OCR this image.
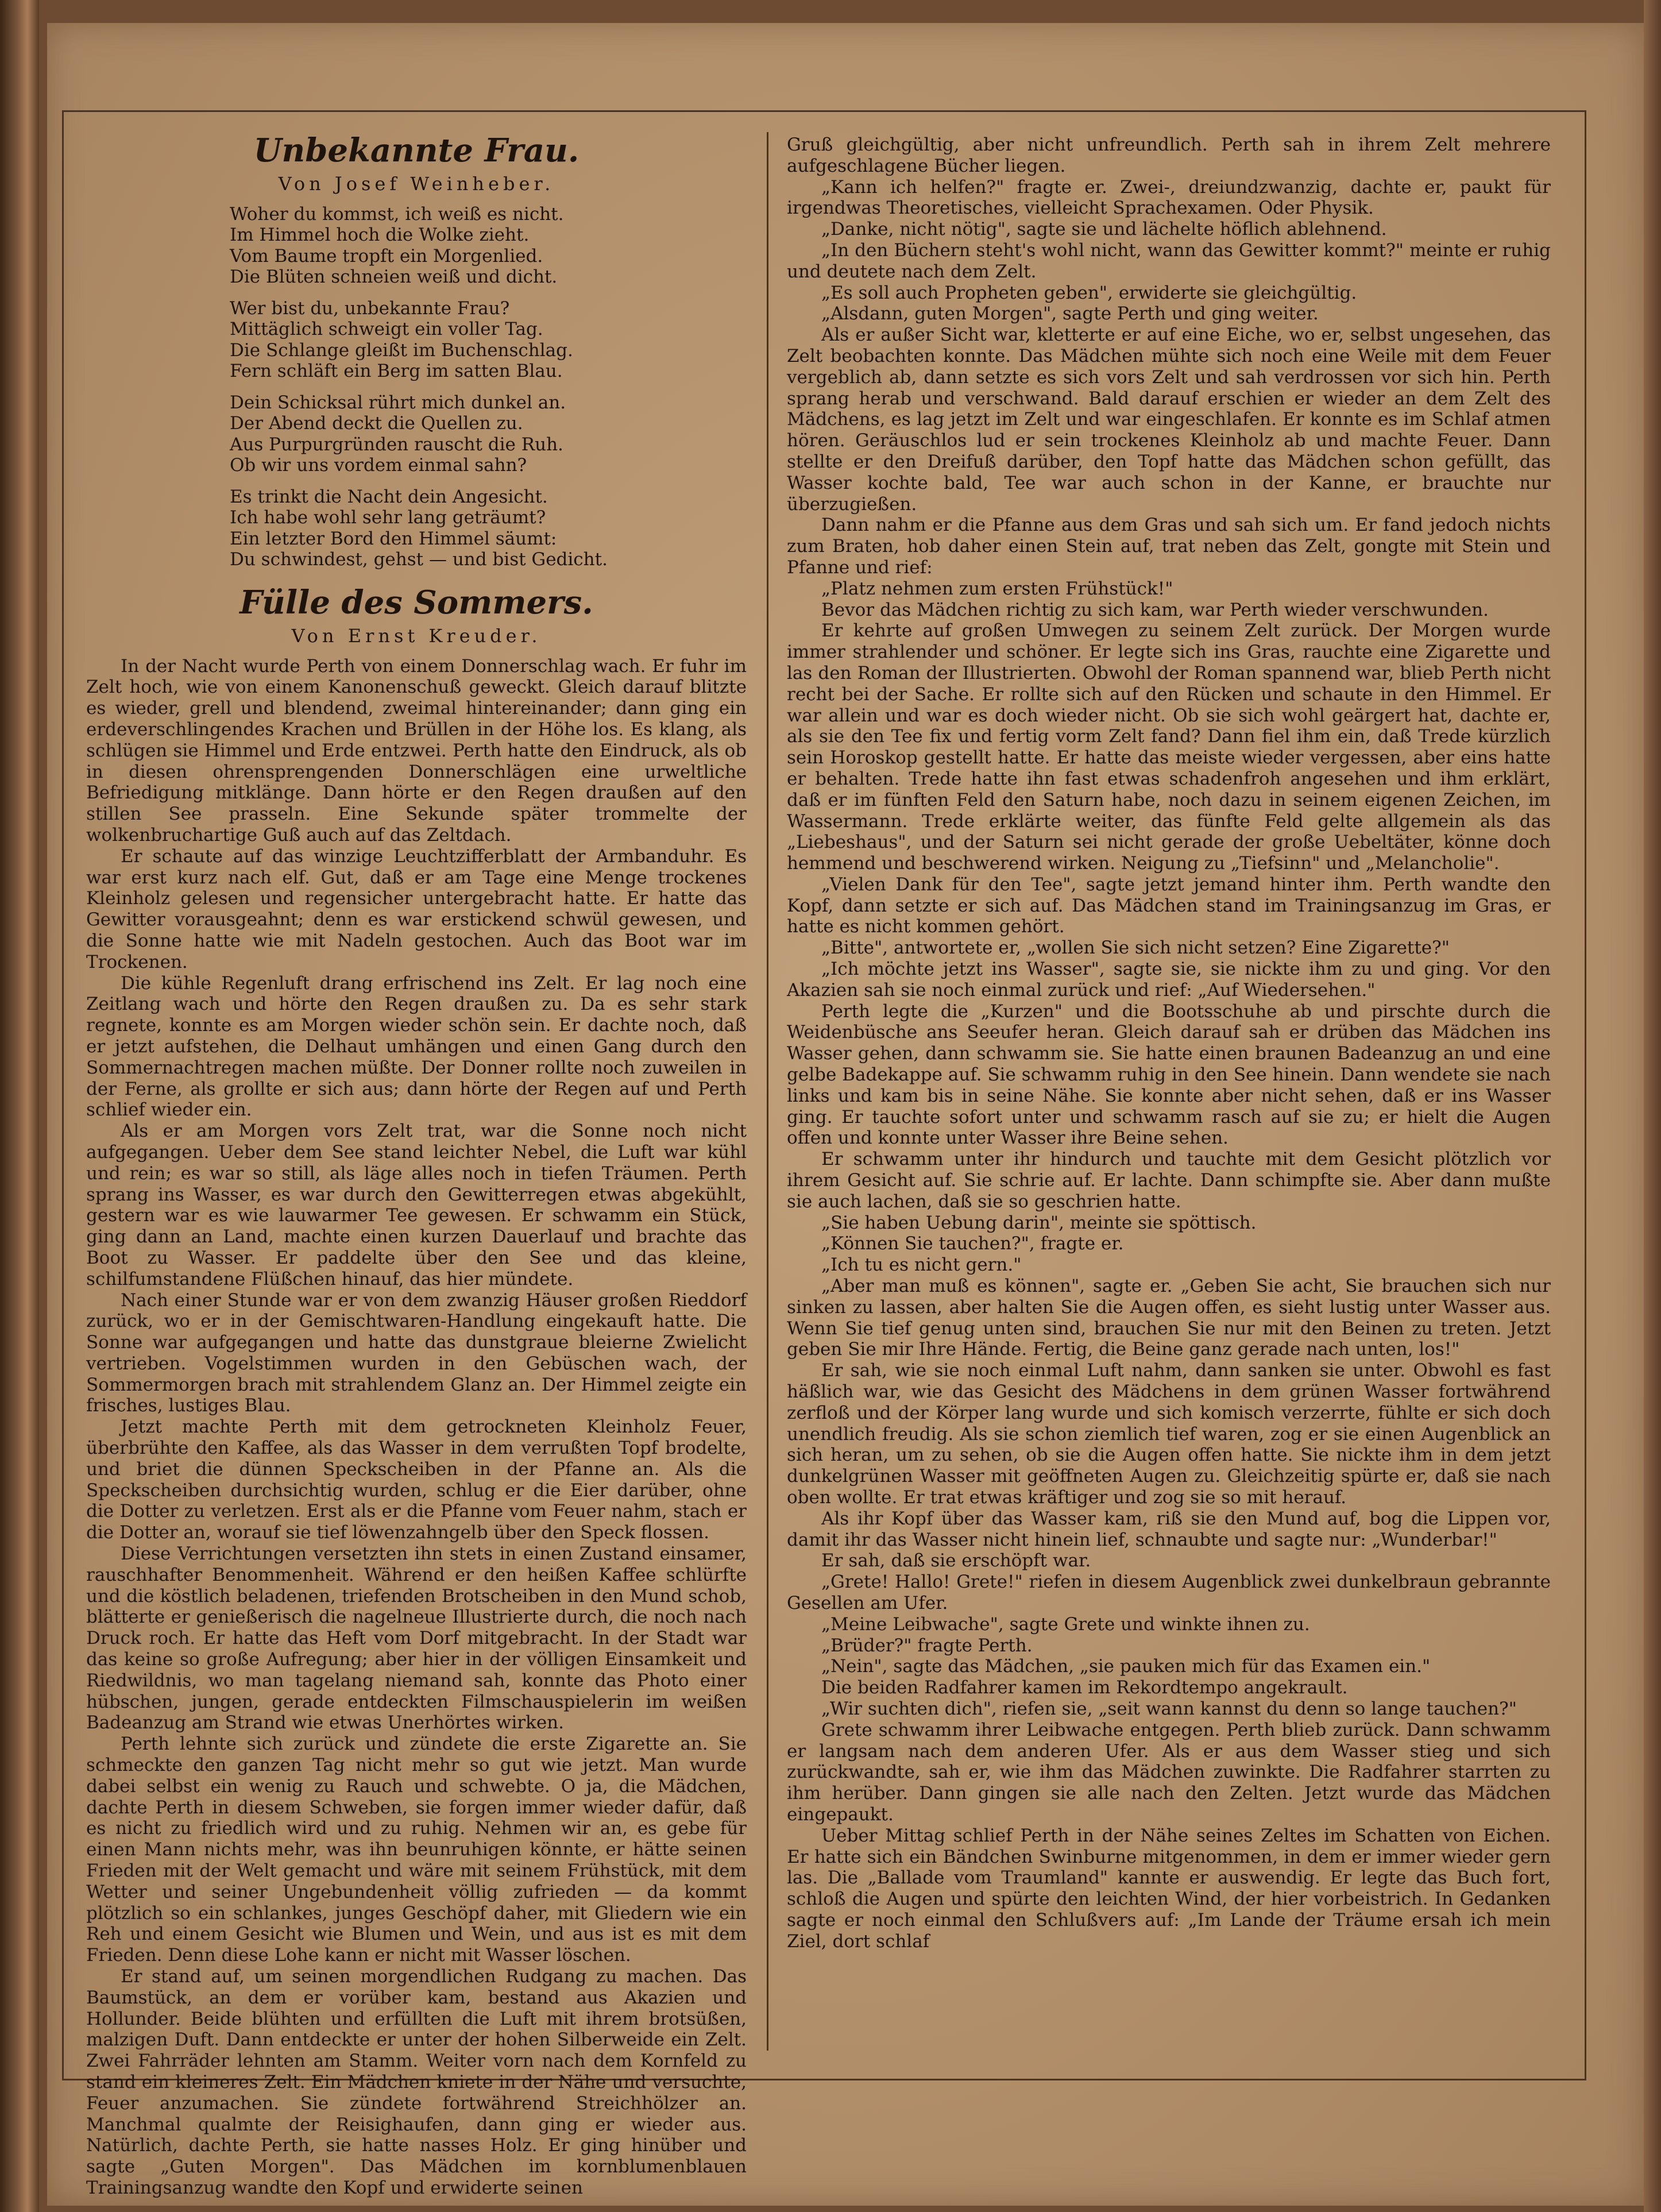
Unbekannte Frau.
Von Josef Weinheber.
Woher du kommst, ich weiß es nicht.
Im Himmel hoch die Wolke zieht.
Vom Baume tropft ein Morgenlied.
Die Blüten schneien weiß und dicht.
Wer bist du, unbekannte Frau?
Mittäglich schweigt ein voller Tag.
Die Schlange gleißt im Buchenschlag.
Fern schläft ein Berg im satten Blau.
Dein Schicksal rührt mich dunkel an.
Der Abend deckt die Quellen zu.
Aus Purpurgründen rauscht die Ruh.
Ob wir uns vordem einmal sahn?
Es trinkt die Nacht dein Angesicht.
Ich habe wohl sehr lang geträumt?
Ein letzter Bord den Himmel säumt:
Du schwindest, gehst — und bist Gedicht.
Fülle des Sommers.
Von Ernst Kreuder.

In der Nacht wurde Perth von einem Donnerschlag wach. Er fuhr im Zelt hoch, wie von einem Kanonenschuß geweckt. Gleich darauf blitzte es wieder, grell und blendend, zweimal hintereinander; dann ging ein erdeverschlingendes Krachen und Brüllen in der Höhe los. Es klang, als schlügen sie Himmel und Erde entzwei. Perth hatte den Eindruck, als ob in diesen ohrensprengenden Donnerschlägen eine urweltliche Befriedigung mitklänge. Dann hörte er den Regen draußen auf den stillen See prasseln. Eine Sekunde später trommelte der wolkenbruchartige Guß auch auf das Zeltdach.

Er schaute auf das winzige Leuchtzifferblatt der Armbanduhr. Es war erst kurz nach elf. Gut, daß er am Tage eine Menge trockenes Kleinholz gelesen und regensicher untergebracht hatte. Er hatte das Gewitter vorausgeahnt; denn es war erstickend schwül gewesen, und die Sonne hatte wie mit Nadeln gestochen. Auch das Boot war im Trockenen.

Die kühle Regenluft drang erfrischend ins Zelt. Er lag noch eine Zeitlang wach und hörte den Regen draußen zu. Da es sehr stark regnete, konnte es am Morgen wieder schön sein. Er dachte noch, daß er jetzt aufstehen, die Delhaut umhängen und einen Gang durch den Sommernachtregen machen müßte. Der Donner rollte noch zuweilen in der Ferne, als grollte er sich aus; dann hörte der Regen auf und Perth schlief wieder ein.

Als er am Morgen vors Zelt trat, war die Sonne noch nicht aufgegangen. Ueber dem See stand leichter Nebel, die Luft war kühl und rein; es war so still, als läge alles noch in tiefen Träumen. Perth sprang ins Wasser, es war durch den Gewitterregen etwas abgekühlt, gestern war es wie lauwarmer Tee gewesen. Er schwamm ein Stück, ging dann an Land, machte einen kurzen Dauerlauf und brachte das Boot zu Wasser. Er paddelte über den See und das kleine, schilfumstandene Flüßchen hinauf, das hier mündete.

Nach einer Stunde war er von dem zwanzig Häuser großen Rieddorf zurück, wo er in der Gemischtwaren-Handlung eingekauft hatte. Die Sonne war aufgegangen und hatte das dunstgraue bleierne Zwielicht vertrieben. Vogelstimmen wurden in den Gebüschen wach, der Sommermorgen brach mit strahlendem Glanz an. Der Himmel zeigte ein frisches, lustiges Blau.

Jetzt machte Perth mit dem getrockneten Kleinholz Feuer, überbrühte den Kaffee, als das Wasser in dem verrußten Topf brodelte, und briet die dünnen Speckscheiben in der Pfanne an. Als die Speckscheiben durchsichtig wurden, schlug er die Eier darüber, ohne die Dotter zu verletzen. Erst als er die Pfanne vom Feuer nahm, stach er die Dotter an, worauf sie tief löwenzahngelb über den Speck flossen.

Diese Verrichtungen versetzten ihn stets in einen Zustand einsamer, rauschhafter Benommenheit. Während er den heißen Kaffee schlürfte und die köstlich beladenen, triefenden Brotscheiben in den Mund schob, blätterte er genießerisch die nagelneue Illustrierte durch, die noch nach Druck roch. Er hatte das Heft vom Dorf mitgebracht. In der Stadt war das keine so große Aufregung; aber hier in der völligen Einsamkeit und Riedwildnis, wo man tagelang niemand sah, konnte das Photo einer hübschen, jungen, gerade entdeckten Filmschauspielerin im weißen Badeanzug am Strand wie etwas Unerhörtes wirken.

Perth lehnte sich zurück und zündete die erste Zigarette an. Sie schmeckte den ganzen Tag nicht mehr so gut wie jetzt. Man wurde dabei selbst ein wenig zu Rauch und schwebte. O ja, die Mädchen, dachte Perth in diesem Schweben, sie forgen immer wieder dafür, daß es nicht zu friedlich wird und zu ruhig. Nehmen wir an, es gebe für einen Mann nichts mehr, was ihn beunruhigen könnte, er hätte seinen Frieden mit der Welt gemacht und wäre mit seinem Frühstück, mit dem Wetter und seiner Ungebundenheit völlig zufrieden — da kommt plötzlich so ein schlankes, junges Geschöpf daher, mit Gliedern wie ein Reh und einem Gesicht wie Blumen und Wein, und aus ist es mit dem Frieden. Denn diese Lohe kann er nicht mit Wasser löschen.

Er stand auf, um seinen morgendlichen Rudgang zu machen. Das Baumstück, an dem er vorüber kam, bestand aus Akazien und Hollunder. Beide blühten und erfüllten die Luft mit ihrem brotsüßen, malzigen Duft. Dann entdeckte er unter der hohen Silberweide ein Zelt. Zwei Fahrräder lehnten am Stamm. Weiter vorn nach dem Kornfeld zu stand ein kleineres Zelt. Ein Mädchen kniete in der Nähe und versuchte, Feuer anzumachen. Sie zündete fortwährend Streichhölzer an. Manchmal qualmte der Reisighaufen, dann ging er wieder aus. Natürlich, dachte Perth, sie hatte nasses Holz. Er ging hinüber und sagte „Guten Morgen". Das Mädchen im kornblumenblauen Trainingsanzug wandte den Kopf und erwiderte seinen

Gruß gleichgültig, aber nicht unfreundlich. Perth sah in ihrem Zelt mehrere aufgeschlagene Bücher liegen.

„Kann ich helfen?" fragte er. Zwei-, dreiundzwanzig, dachte er, paukt für irgendwas Theoretisches, vielleicht Sprachexamen. Oder Physik.

„Danke, nicht nötig", sagte sie und lächelte höflich ablehnend.

„In den Büchern steht's wohl nicht, wann das Gewitter kommt?" meinte er ruhig und deutete nach dem Zelt.

„Es soll auch Propheten geben", erwiderte sie gleichgültig.

„Alsdann, guten Morgen", sagte Perth und ging weiter.

Als er außer Sicht war, kletterte er auf eine Eiche, wo er, selbst ungesehen, das Zelt beobachten konnte. Das Mädchen mühte sich noch eine Weile mit dem Feuer vergeblich ab, dann setzte es sich vors Zelt und sah verdrossen vor sich hin. Perth sprang herab und verschwand. Bald darauf erschien er wieder an dem Zelt des Mädchens, es lag jetzt im Zelt und war eingeschlafen. Er konnte es im Schlaf atmen hören. Geräuschlos lud er sein trockenes Kleinholz ab und machte Feuer. Dann stellte er den Dreifuß darüber, den Topf hatte das Mädchen schon gefüllt, das Wasser kochte bald, Tee war auch schon in der Kanne, er brauchte nur überzugießen.

Dann nahm er die Pfanne aus dem Gras und sah sich um. Er fand jedoch nichts zum Braten, hob daher einen Stein auf, trat neben das Zelt, gongte mit Stein und Pfanne und rief:

„Platz nehmen zum ersten Frühstück!"

Bevor das Mädchen richtig zu sich kam, war Perth wieder verschwunden.

Er kehrte auf großen Umwegen zu seinem Zelt zurück. Der Morgen wurde immer strahlender und schöner. Er legte sich ins Gras, rauchte eine Zigarette und las den Roman der Illustrierten. Obwohl der Roman spannend war, blieb Perth nicht recht bei der Sache. Er rollte sich auf den Rücken und schaute in den Himmel. Er war allein und war es doch wieder nicht. Ob sie sich wohl geärgert hat, dachte er, als sie den Tee fix und fertig vorm Zelt fand? Dann fiel ihm ein, daß Trede kürzlich sein Horoskop gestellt hatte. Er hatte das meiste wieder vergessen, aber eins hatte er behalten. Trede hatte ihn fast etwas schadenfroh angesehen und ihm erklärt, daß er im fünften Feld den Saturn habe, noch dazu in seinem eigenen Zeichen, im Wassermann. Trede erklärte weiter, das fünfte Feld gelte allgemein als das „Liebeshaus", und der Saturn sei nicht gerade der große Uebeltäter, könne doch hemmend und beschwerend wirken. Neigung zu „Tiefsinn" und „Melancholie".

„Vielen Dank für den Tee", sagte jetzt jemand hinter ihm. Perth wandte den Kopf, dann setzte er sich auf. Das Mädchen stand im Trainingsanzug im Gras, er hatte es nicht kommen gehört.

„Bitte", antwortete er, „wollen Sie sich nicht setzen? Eine Zigarette?"

„Ich möchte jetzt ins Wasser", sagte sie, sie nickte ihm zu und ging. Vor den Akazien sah sie noch einmal zurück und rief: „Auf Wiedersehen."

Perth legte die „Kurzen" und die Bootsschuhe ab und pirschte durch die Weidenbüsche ans Seeufer heran. Gleich darauf sah er drüben das Mädchen ins Wasser gehen, dann schwamm sie. Sie hatte einen braunen Badeanzug an und eine gelbe Badekappe auf. Sie schwamm ruhig in den See hinein. Dann wendete sie nach links und kam bis in seine Nähe. Sie konnte aber nicht sehen, daß er ins Wasser ging. Er tauchte sofort unter und schwamm rasch auf sie zu; er hielt die Augen offen und konnte unter Wasser ihre Beine sehen.

Er schwamm unter ihr hindurch und tauchte mit dem Gesicht plötzlich vor ihrem Gesicht auf. Sie schrie auf. Er lachte. Dann schimpfte sie. Aber dann mußte sie auch lachen, daß sie so geschrien hatte.

„Sie haben Uebung darin", meinte sie spöttisch.

„Können Sie tauchen?", fragte er.

„Ich tu es nicht gern."

„Aber man muß es können", sagte er. „Geben Sie acht, Sie brauchen sich nur sinken zu lassen, aber halten Sie die Augen offen, es sieht lustig unter Wasser aus. Wenn Sie tief genug unten sind, brauchen Sie nur mit den Beinen zu treten. Jetzt geben Sie mir Ihre Hände. Fertig, die Beine ganz gerade nach unten, los!"

Er sah, wie sie noch einmal Luft nahm, dann sanken sie unter. Obwohl es fast häßlich war, wie das Gesicht des Mädchens in dem grünen Wasser fortwährend zerfloß und der Körper lang wurde und sich komisch verzerrte, fühlte er sich doch unendlich freudig. Als sie schon ziemlich tief waren, zog er sie einen Augenblick an sich heran, um zu sehen, ob sie die Augen offen hatte. Sie nickte ihm in dem jetzt dunkelgrünen Wasser mit geöffneten Augen zu. Gleichzeitig spürte er, daß sie nach oben wollte. Er trat etwas kräftiger und zog sie so mit herauf.

Als ihr Kopf über das Wasser kam, riß sie den Mund auf, bog die Lippen vor, damit ihr das Wasser nicht hinein lief, schnaubte und sagte nur: „Wunderbar!"

Er sah, daß sie erschöpft war.

„Grete! Hallo! Grete!" riefen in diesem Augenblick zwei dunkelbraun gebrannte Gesellen am Ufer.

„Meine Leibwache", sagte Grete und winkte ihnen zu.

„Brüder?" fragte Perth.

„Nein", sagte das Mädchen, „sie pauken mich für das Examen ein."

Die beiden Radfahrer kamen im Rekordtempo angekrault.

„Wir suchten dich", riefen sie, „seit wann kannst du denn so lange tauchen?"

Grete schwamm ihrer Leibwache entgegen. Perth blieb zurück. Dann schwamm er langsam nach dem anderen Ufer. Als er aus dem Wasser stieg und sich zurückwandte, sah er, wie ihm das Mädchen zuwinkte. Die Radfahrer starrten zu ihm herüber. Dann gingen sie alle nach den Zelten. Jetzt wurde das Mädchen eingepaukt.

Ueber Mittag schlief Perth in der Nähe seines Zeltes im Schatten von Eichen. Er hatte sich ein Bändchen Swinburne mitgenommen, in dem er immer wieder gern las. Die „Ballade vom Traumland" kannte er auswendig. Er legte das Buch fort, schloß die Augen und spürte den leichten Wind, der hier vorbeistrich. In Gedanken sagte er noch einmal den Schlußvers auf: „Im Lande der Träume ersah ich mein Ziel, dort schlaf
